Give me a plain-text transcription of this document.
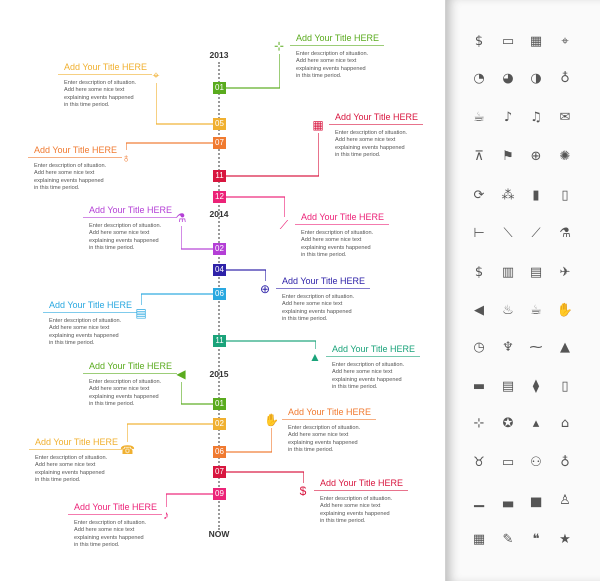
2013
2014
2015
NOW
01
⊹
Add Your Title HERE
Enter description of situation.
Add here some nice text
explaining events happened
in this time period.
05
⌖
Add Your Title HERE
Enter description of situation.
Add here some nice text
explaining events happened
in this time period.
07
♁
Add Your Title HERE
Enter description of situation.
Add here some nice text
explaining events happened
in this time period.
11
▦
Add Your Title HERE
Enter description of situation.
Add here some nice text
explaining events happened
in this time period.
12
⟋
Add Your Title HERE
Enter description of situation.
Add here some nice text
explaining events happened
in this time period.
02
⚗
Add Your Title HERE
Enter description of situation.
Add here some nice text
explaining events happened
in this time period.
04
⊕
Add Your Title HERE
Enter description of situation.
Add here some nice text
explaining events happened
in this time period.
06
▤
Add Your Title HERE
Enter description of situation.
Add here some nice text
explaining events happened
in this time period.	11
▲
Add Your Title HERE
Enter description of situation.
Add here some nice text
explaining events happened
in this time period.
01
◀
Add Your Title HERE
Enter description of situation.
Add here some nice text
explaining events happened
in this time period.
02
☎
Add Your Title HERE
Enter description of situation.
Add here some nice text
explaining events happened
in this time period.
06
✋
Add Your Title HERE
Enter description of situation.
Add here some nice text
explaining events happened
in this time period.
07
$
Add Your Title HERE
Enter description of situation.
Add here some nice text
explaining events happened
in this time period.
09
♪
Add Your Title HERE
Enter description of situation.
Add here some nice text
explaining events happened
in this time period.
$	▭ ▦	⌖
◔ ◕ ◑	♁
☕	♪	♫ ✉
⊼	⚑ ⊕ ✺
⟳ ⁂	▮	▯
⊢	⟍	⟋	⚗
$	▥ ▤ ✈
◀	♨ ☕ ✋
◷ ♆ ⁓	▲
▬ ▤	⧫	▯
⊹ ✪	▴	⌂
♉ ▭ ⚇	♁
▁	▃	▅	♙
▦ ✎	❝	★
